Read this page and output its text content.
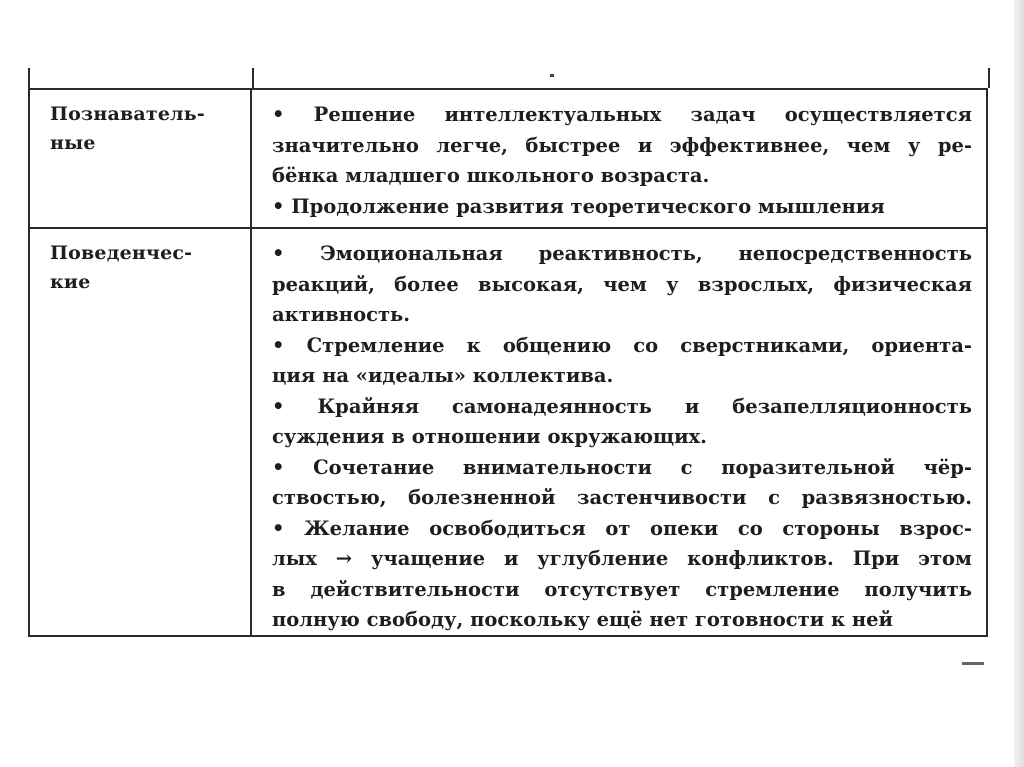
Познаватель-
ные
• Решение интеллектуальных задач осуществляется
значительно легче, быстрее и эффективнее, чем у ре-
бёнка младшего школьного возраста.
• Продолжение развития теоретического мышления
Поведенчес-
кие
• Эмоциональная реактивность, непосредственность
реакций, более высокая, чем у взрослых, физическая
активность.
• Стремление к общению со сверстниками, ориента-
ция на «идеалы» коллектива.
• Крайняя самонадеянность и безапелляционность
суждения в отношении окружающих.
• Сочетание внимательности с поразительной чёр-
ствостью, болезненной застенчивости с развязностью.
• Желание освободиться от опеки со стороны взрос-
лых → учащение и углубление конфликтов. При этом
в действительности отсутствует стремление получить
полную свободу, поскольку ещё нет готовности к ней
